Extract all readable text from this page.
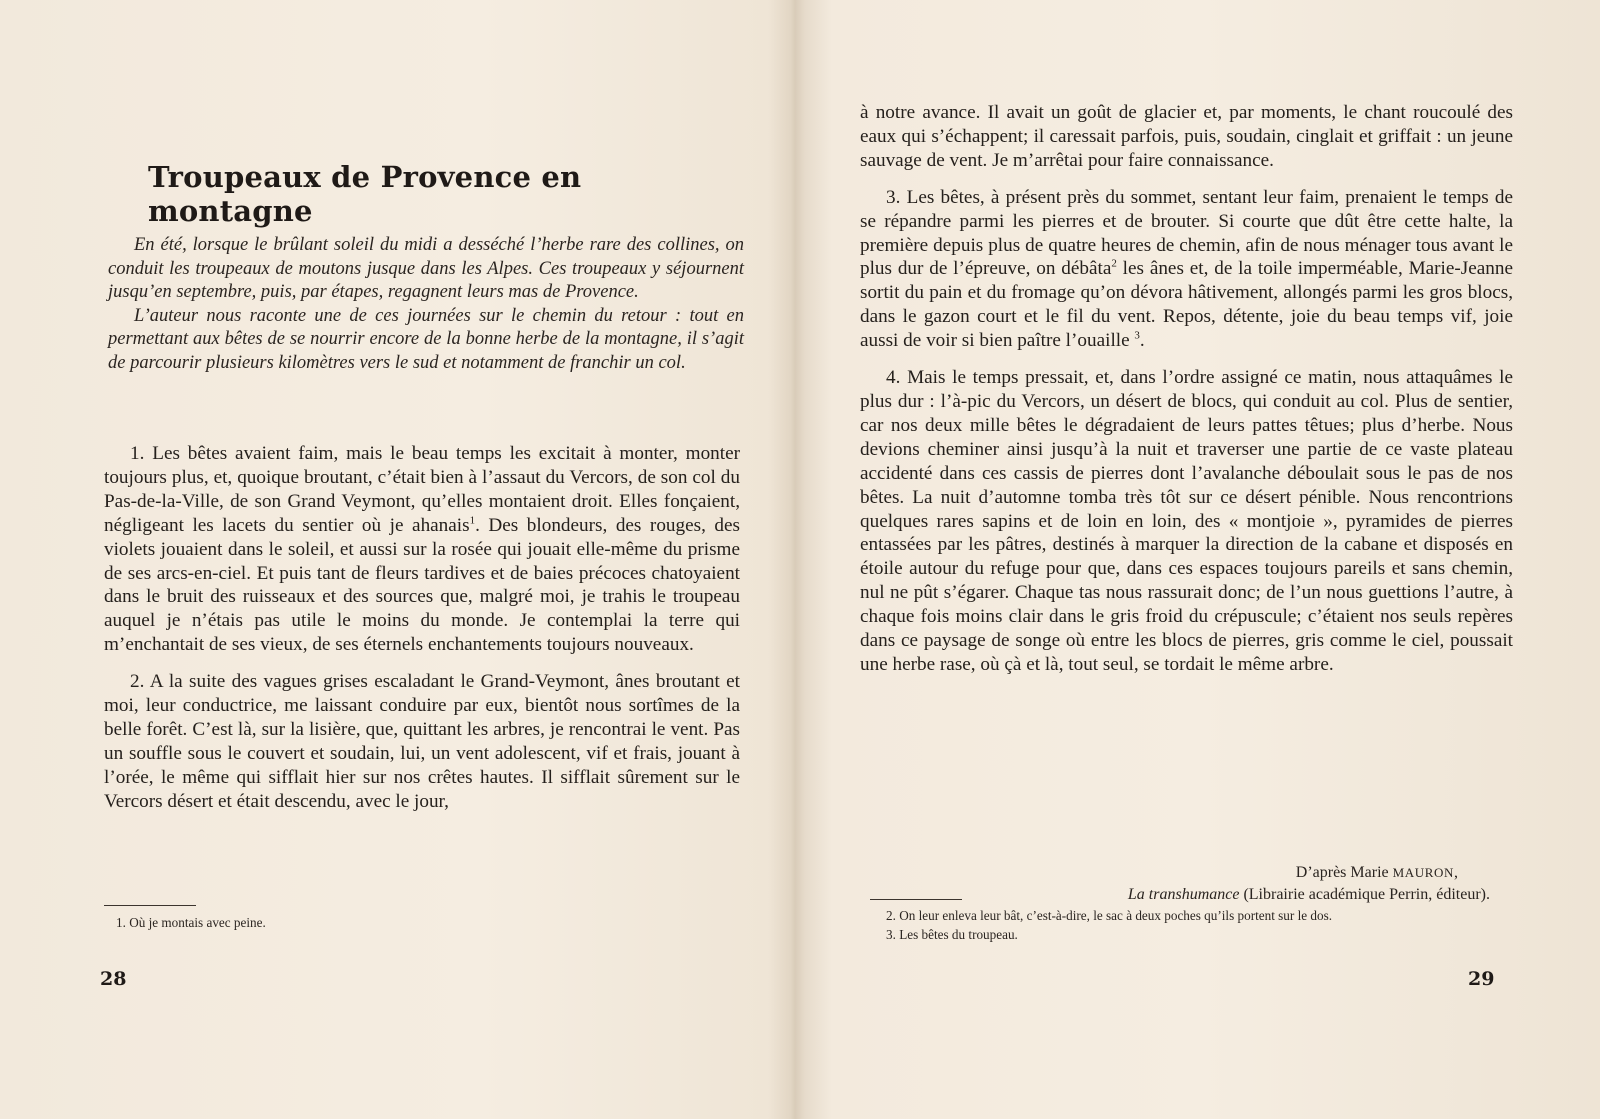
Troupeaux de Provence en montagne

En été, lorsque le brûlant soleil du midi a desséché l’herbe rare des collines, on conduit les troupeaux de moutons jusque dans les Alpes. Ces troupeaux y séjournent jusqu’en septembre, puis, par étapes, regagnent leurs mas de Provence.

L’auteur nous raconte une de ces journées sur le chemin du retour : tout en permettant aux bêtes de se nourrir encore de la bonne herbe de la montagne, il s’agit de parcourir plusieurs kilomètres vers le sud et notamment de franchir un col.

1. Les bêtes avaient faim, mais le beau temps les excitait à monter, monter toujours plus, et, quoique broutant, c’était bien à l’assaut du Vercors, de son col du Pas-de-la-Ville, de son Grand Veymont, qu’elles montaient droit. Elles fonçaient, négligeant les lacets du sentier où je ahanais$^1$. Des blondeurs, des rouges, des violets jouaient dans le soleil, et aussi sur la rosée qui jouait elle-même du prisme de ses arcs-en-ciel. Et puis tant de fleurs tardives et de baies précoces chatoyaient dans le bruit des ruisseaux et des sources que, malgré moi, je trahis le troupeau auquel je n’étais pas utile le moins du monde. Je contemplai la terre qui m’enchantait de ses vieux, de ses éternels enchantements toujours nouveaux.

2. A la suite des vagues grises escaladant le Grand-Veymont, ânes broutant et moi, leur conductrice, me laissant conduire par eux, bientôt nous sortîmes de la belle forêt. C’est là, sur la lisière, que, quittant les arbres, je rencontrai le vent. Pas un souffle sous le couvert et soudain, lui, un vent adolescent, vif et frais, jouant à l’orée, le même qui sifflait hier sur nos crêtes hautes. Il sifflait sûrement sur le Vercors désert et était descendu, avec le jour,

1. Où je montais avec peine.
28

à notre avance. Il avait un goût de glacier et, par moments, le chant roucoulé des eaux qui s’échappent; il caressait parfois, puis, soudain, cinglait et griffait : un jeune sauvage de vent. Je m’arrêtai pour faire connaissance.

3. Les bêtes, à présent près du sommet, sentant leur faim, prenaient le temps de se répandre parmi les pierres et de brouter. Si courte que dût être cette halte, la première depuis plus de quatre heures de chemin, afin de nous ménager tous avant le plus dur de l’épreuve, on débâta$^2$ les ânes et, de la toile imperméable, Marie-Jeanne sortit du pain et du fromage qu’on dévora hâtivement, allongés parmi les gros blocs, dans le gazon court et le fil du vent. Repos, détente, joie du beau temps vif, joie aussi de voir si bien paître l’ouaille $^3$.

4. Mais le temps pressait, et, dans l’ordre assigné ce matin, nous attaquâmes le plus dur : l’à-pic du Vercors, un désert de blocs, qui conduit au col. Plus de sentier, car nos deux mille bêtes le dégradaient de leurs pattes têtues; plus d’herbe. Nous devions cheminer ainsi jusqu’à la nuit et traverser une partie de ce vaste plateau accidenté dans ces cassis de pierres dont l’avalanche déboulait sous le pas de nos bêtes. La nuit d’automne tomba très tôt sur ce désert pénible. Nous rencontrions quelques rares sapins et de loin en loin, des « montjoie », pyramides de pierres entassées par les pâtres, destinés à marquer la direction de la cabane et disposés en étoile autour du refuge pour que, dans ces espaces toujours pareils et sans chemin, nul ne pût s’égarer. Chaque tas nous rassurait donc; de l’un nous guettions l’autre, à chaque fois moins clair dans le gris froid du crépuscule; c’étaient nos seuls repères dans ce paysage de songe où entre les blocs de pierres, gris comme le ciel, poussait une herbe rase, où çà et là, tout seul, se tordait le même arbre.

D’après Marie MAURON,
La transhumance (Librairie académique Perrin, éditeur).
2. On leur enleva leur bât, c’est-à-dire, le sac à deux poches qu’ils portent sur le dos.
3. Les bêtes du troupeau.
29
